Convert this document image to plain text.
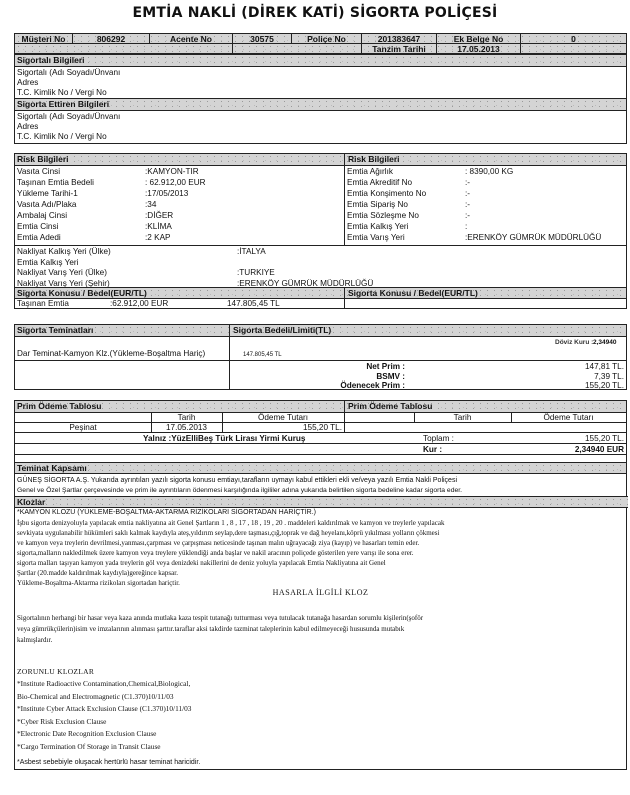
EMTİA NAKLİ (DİREK KATİ) SİGORTA POLİÇESİ
Müşteri No	806292	Acente No	30575	Poliçe No	201383647	Ek Belge No	0
Tanzim Tarihi	17.05.2013
Sigortalı Bilgileri
Sigortalı (Adı Soyadı/Ünvanı
Adres
T.C. Kimlik No / Vergi No
Sigorta Ettiren Bilgileri
Sigortalı (Adı Soyadı/Ünvanı
Adres
T.C. Kimlik No / Vergi No
Risk Bilgileri	Risk Bilgileri
Vasıta Cinsi	:KAMYON-TIR
Taşınan Emtia Bedeli	: 62.912,00 EUR
Yükleme Tarihi-1	:17/05/2013
Vasıta Adı/Plaka	:34
Ambalaj Cinsi	:DİĞER
Emtia Cinsi	:KLİMA
Emtia Adedi	:2 KAP
Emtia Ağırlık	: 8390,00 KG
Emtia Akreditif No	:-
Emtia Konşimento No	:-
Emtia Sipariş No	:-
Emtia Sözleşme No	:-
Emtia Kalkış Yeri	:
Emtia Varış Yeri	:ERENKÖY GÜMRÜK MÜDÜRLÜĞÜ
Nakliyat Kalkış Yeri (Ülke)	:İTALYA
Emtia Kalkış Yeri
Nakliyat Varış Yeri (Ülke)	:TURKIYE
Nakliyat Varış Yeri (Şehir)	:ERENKÖY GÜMRÜK MÜDÜRLÜĞÜ
Sigorta Konusu / Bedel(EUR/TL)	Sigorta Konusu / Bedel(EUR/TL)
Taşınan Emtia	:62.912,00 EUR	147.805,45 TL
Sigorta Teminatları	Sigorta Bedeli/Limiti(TL)
Döviz Kuru : 2,34940
Dar Teminat-Kamyon Klz.(Yükleme-Boşaltma Hariç)	147.805,45 TL
Net Prim :	147,81 TL.
BSMV :	7,39 TL.
Ödenecek Prim :	155,20 TL.
Prim Ödeme Tablosu	Prim Ödeme Tablosu
Tarih	Ödeme Tutarı	Tarih	Ödeme Tutarı
Peşinat	17.05.2013	155,20 TL.
Yalnız :YüzElliBeş Türk Lirası Yirmi Kuruş	Toplam :	155,20 TL.
Kur :	2,34940 EUR
Teminat Kapsamı
GÜNEŞ SİGORTA A.Ş. Yukarıda ayrıntıları yazılı sigorta konusu emtiayı,tarafların uymayı kabul ettikleri ekli ve/veya yazılı Emtia Nakli Poliçesi
Genel ve Özel Şartlar çerçevesinde ve prim ile ayrıntıların ödenmesi karşılığında ilgililer adına yukarıda belirtilen sigorta bedeline kadar sigorta eder.
Klozlar
*KAMYON KLOZU (YÜKLEME-BOŞALTMA-AKTARMA RİZİKOLARI SİGORTADAN HARİÇTİR.)
İşbu sigorta denizyoluyla yapılacak emtia nakliyatına ait Genel Şartların 1 , 8 , 17 , 18 , 19 , 20 . maddeleri kaldırılmak ve kamyon ve treylerle yapılacak
sevkiyata uygulanabilir hükümleri saklı kalmak kaydıyla ateş,yıldırım seylap,dere taşması,çığ,toprak ve dağ heyelanı,köprü yıkılması yolların çökmesi
ve kamyon veya treylerin devrilmesi,yanması,çarpması ve çarpışması neticesinde taşınan malın uğrayacağı ziya (kayıp) ve hasarları temin eder.
sigorta,malların nakledilmek üzere kamyon veya treylere yüklendiği anda başlar ve nakil aracının poliçede gösterilen yere varışı ile sona erer.
sigorta malları taşıyan kamyon yada treylerin göl veya denizdeki nakillerini de deniz yoluyla yapılacak Emtia Nakliyatına ait Genel
Şartlar (20.madde kaldırılmak kaydıyla)gereğince kapsar.
Yükleme-Boşaltma-Aktarma rizikoları sigortadan hariçtir.
HASARLA İLGİLİ KLOZ
Sigortalının herhangi bir hasar veya kaza anında mutlaka kaza tespit tutanağı tutturması veya tutulacak tutanağa hasardan sorumlu kişilerin(şoför
veya gümrükçülerin)isim ve imzalarının alınması şarttır.taraflar aksi takdirde tazminat taleplerinin kabul edilmeyeceği hususunda mutabık
kalmışlardır.
ZORUNLU KLOZLAR
*Institute Radioactive Contamination,Chemical,Biological,
Bio-Chemical and Electromagnetic (C1.370)10/11/03
*Institute Cyber Attack Exclusion Clause (C1.370)10/11/03
*Cyber Risk Exclusion Clause
*Electronic Date Recognition Exclusion Clause
*Cargo Termination Of Storage in Transit Clause
*Asbest sebebiyle oluşacak hertürlü hasar teminat haricidir.
